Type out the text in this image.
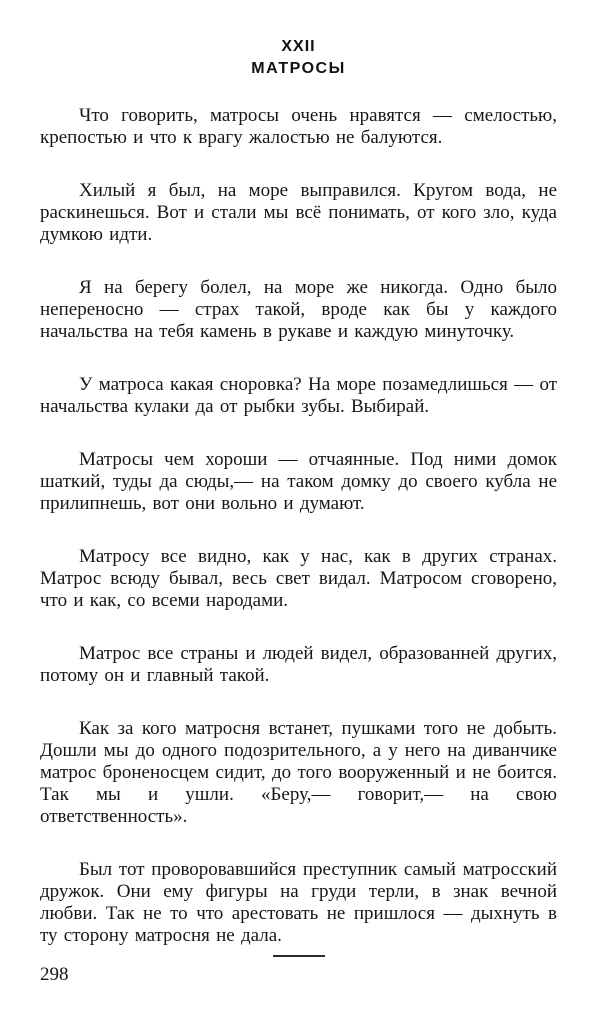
XXII
МАТРОСЫ

Что говорить, матросы очень нравятся — смелостью, крепостью и что к врагу жалостью не балуются.

Хилый я был, на море выправился. Кругом вода, не раскинешься. Вот и стали мы всё понимать, от кого зло, куда думкою идти.

Я на берегу болел, на море же никогда. Одно было непереносно — страх такой, вроде как бы у каждого начальства на тебя камень в рукаве и каждую минуточку.

У матроса какая сноровка? На море позамедлишься — от начальства кулаки да от рыбки зубы. Выбирай.

Матросы чем хороши — отчаянные. Под ними домок шаткий, туды да сюды,— на таком домку до своего кубла не прилипнешь, вот они вольно и думают.

Матросу все видно, как у нас, как в других странах. Матрос всюду бывал, весь свет видал. Матросом сговорено, что и как, со всеми народами.

Матрос все страны и людей видел, образованней других, потому он и главный такой.

Как за кого матросня встанет, пушками того не добыть. Дошли мы до одного подозрительного, а у него на диванчике матрос броненосцем сидит, до того вооруженный и не боится. Так мы и ушли. «Беру,— говорит,— на свою ответственность».

Был тот проворовавшийся преступник самый матросский дружок. Они ему фигуры на груди терли, в знак вечной любви. Так не то что арестовать не пришлося — дыхнуть в ту сторону матросня не дала.

298
